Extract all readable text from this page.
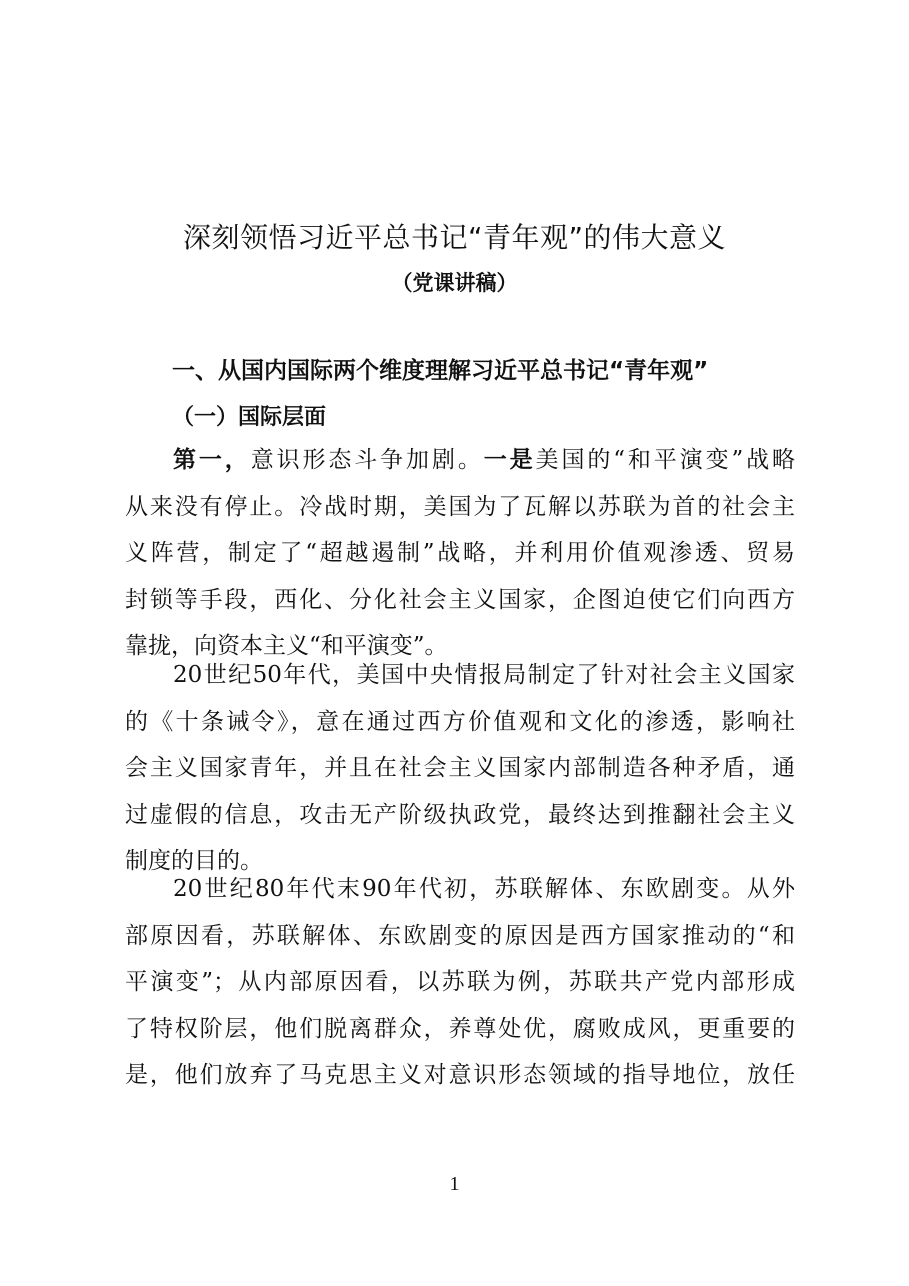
深刻领悟习近平总书记“青年观”的伟大意义
（党课讲稿）
一、从国内国际两个维度理解习近平总书记“青年观”
（一）国际层面
第一，意识形态斗争加剧。一是美国的“和平演变”战略
从来没有停止。冷战时期，美国为了瓦解以苏联为首的社会主
义阵营，制定了“超越遏制”战略，并利用价值观渗透、贸易
封锁等手段，西化、分化社会主义国家，企图迫使它们向西方
靠拢，向资本主义“和平演变”。
20世纪50年代，美国中央情报局制定了针对社会主义国家
的《十条诫令》，意在通过西方价值观和文化的渗透，影响社
会主义国家青年，并且在社会主义国家内部制造各种矛盾，通
过虚假的信息，攻击无产阶级执政党，最终达到推翻社会主义
制度的目的。
20世纪80年代末90年代初，苏联解体、东欧剧变。从外
部原因看，苏联解体、东欧剧变的原因是西方国家推动的“和
平演变”；从内部原因看，以苏联为例，苏联共产党内部形成
了特权阶层，他们脱离群众，养尊处优，腐败成风，更重要的
是，他们放弃了马克思主义对意识形态领域的指导地位，放任
1
